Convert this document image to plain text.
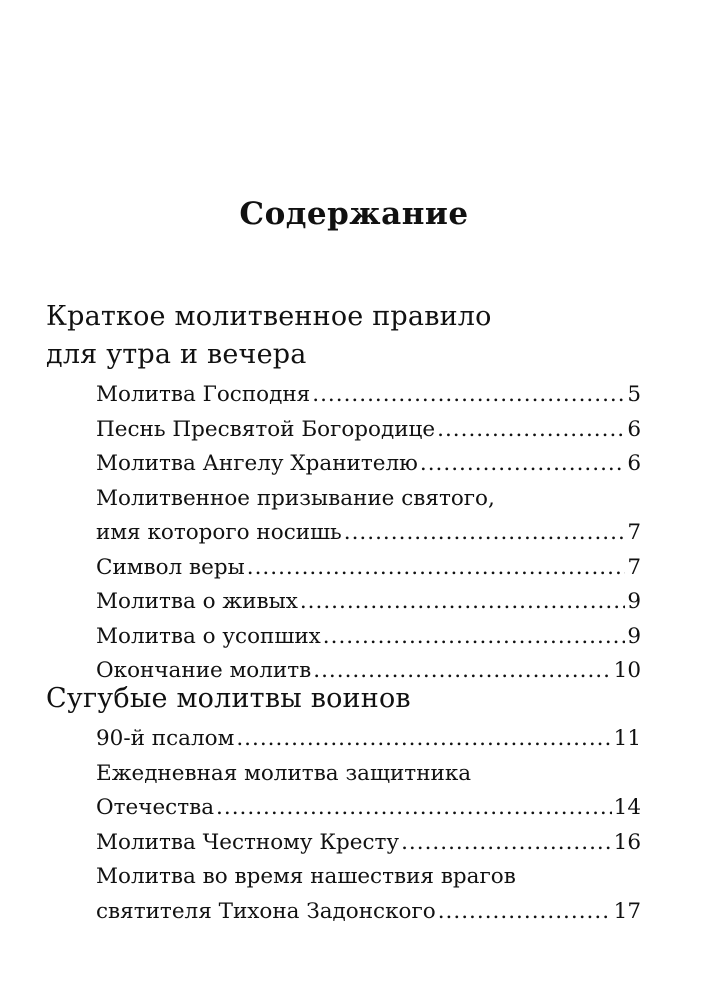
Содержание
Краткое молитвенное правило
для утра и вечера
Молитва Господня .....	5
Песнь Пресвятой Богородице .....	6
Молитва Ангелу Хранителю .....	6
Молитвенное призывание святого,
имя которого носишь .....	7
Символ веры .....	7
Молитва о живых .....	9
Молитва о усопших .....	9
Окончание молитв .....	10
Сугубые молитвы воинов
90-й псалом .....	11
Ежедневная молитва защитника
Отечества .....	14
Молитва Честному Кресту .....	16
Молитва во время нашествия врагов
святителя Тихона Задонского .....	17
